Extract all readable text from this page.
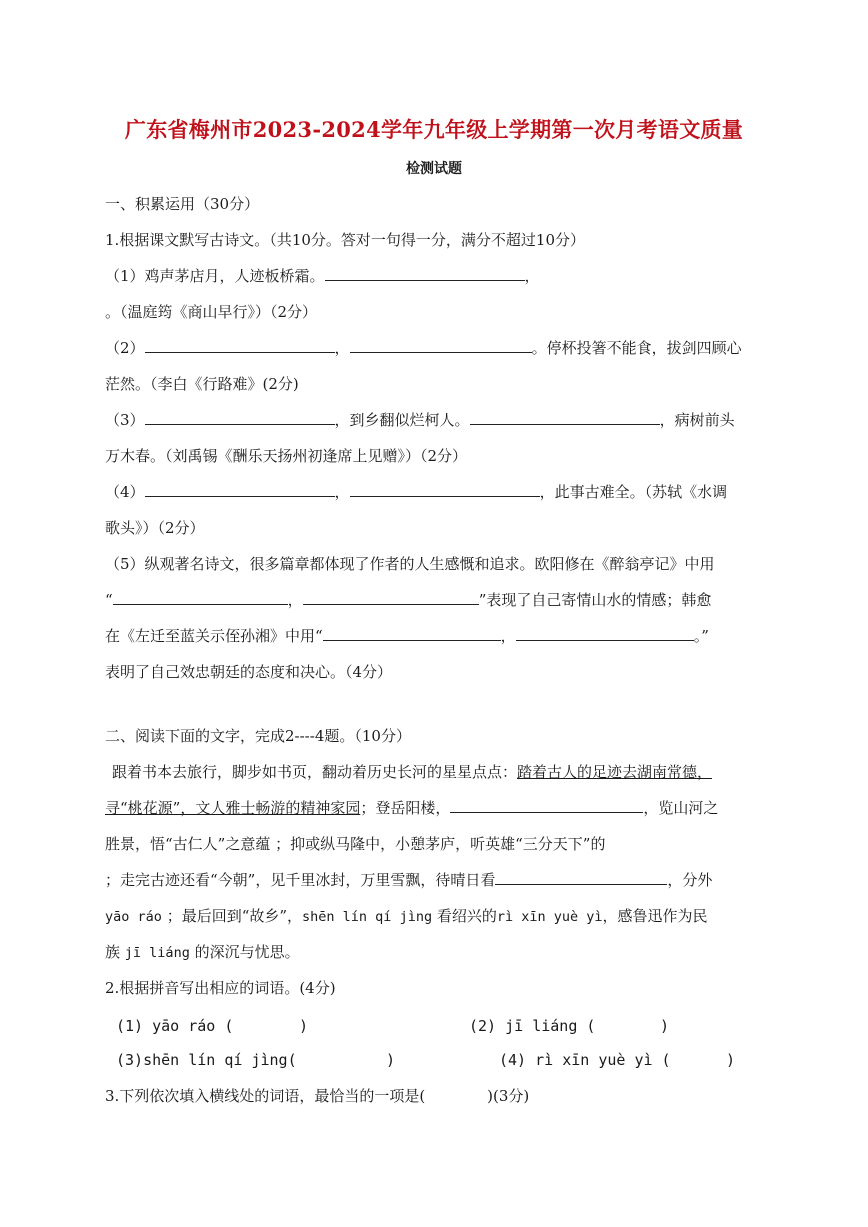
广东省梅州市2023-2024学年九年级上学期第一次月考语文质量
检测试题
一、积累运用（30分）
1.根据课文默写古诗文。（共10分。答对一句得一分，满分不超过10分）
（1）鸡声茅店月，人迹板桥霜。	，
。（温庭筠《商山早行》）（2分）
（2）	，	。停杯投箸不能食，拔剑四顾心
茫然。（李白《行路难》(2分)
（3）	，到乡翻似烂柯人。	，病树前头
万木春。（刘禹锡《酬乐天扬州初逢席上见赠》）（2分）
（4）	，	，此事古难全。（苏轼《水调
歌头》）（2分）
（5）纵观著名诗文，很多篇章都体现了作者的人生感慨和追求。欧阳修在《醉翁亭记》中用
“	，	”表现了自己寄情山水的情感；韩愈
在《左迁至蓝关示侄孙湘》中用“	，	。”
表明了自己效忠朝廷的态度和决心。（4分）
二、阅读下面的文字，完成2----4题。（10分）
跟着书本去旅行，脚步如书页，翻动着历史长河的星星点点：踏着古人的足迹去湖南常德，
寻“桃花源”，文人雅士畅游的精神家园；登岳阳楼，	，览山河之
胜景，悟“古仁人”之意蕴 ；抑或纵马隆中，小憩茅庐，听英雄“三分天下”的
；走完古迹还看“今朝”，见千里冰封，万里雪飘，待晴日看	，分外
yāo ráo ；最后回到“故乡”，shēn lín qí jìng 看绍兴的rì xīn yuè yì，感鲁迅作为民
族 jī liáng 的深沉与忧思。
2.根据拼音写出相应的词语。(4分)
(1) yāo ráo (	)	(2) jī liáng (	)
(3)shēn lín qí jìng(	)	(4) rì xīn yuè yì (	)
3.下列依次填入横线处的词语，最恰当的一项是(	)(3分)
